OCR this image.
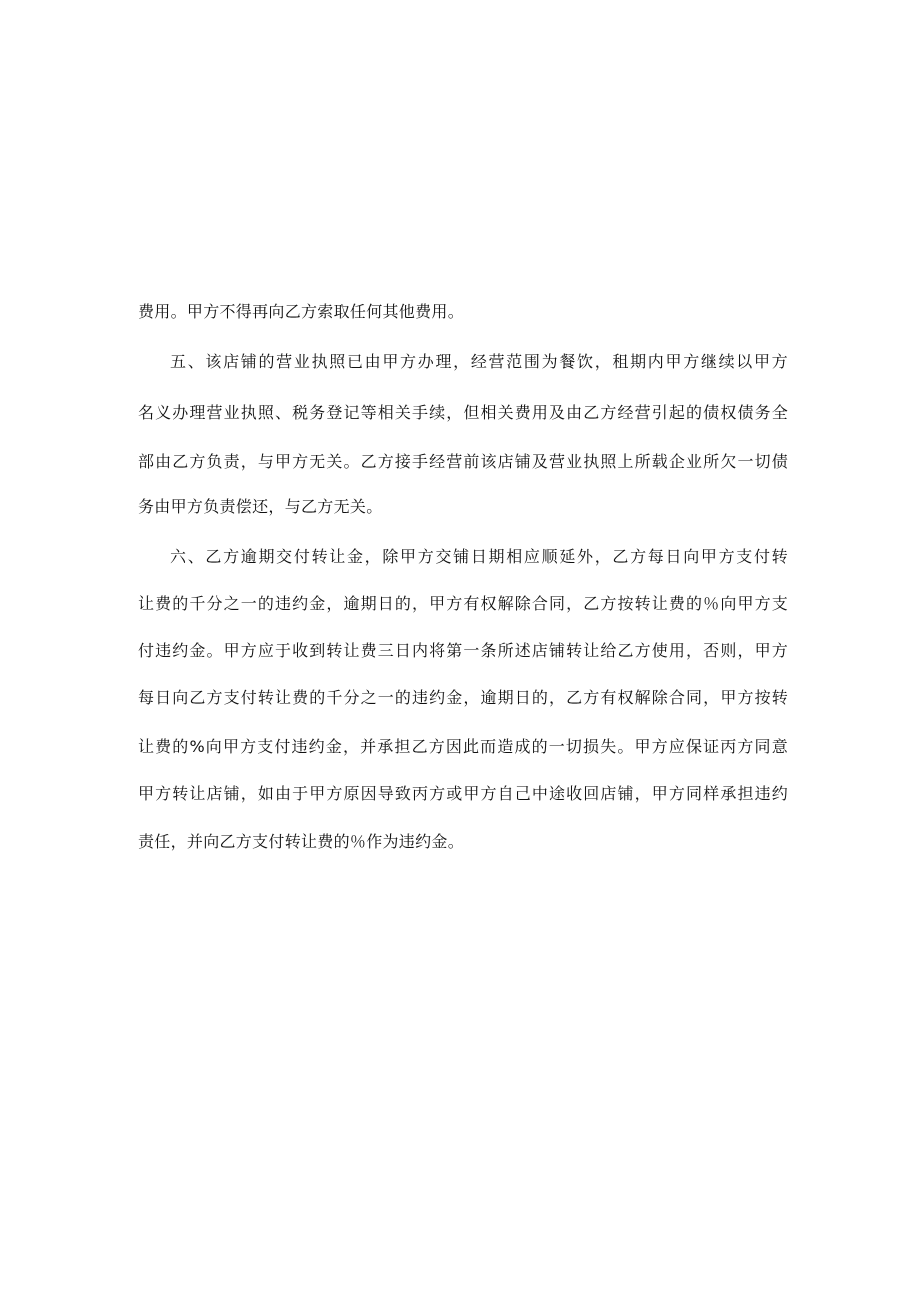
费用。甲方不得再向乙方索取任何其他费用。
五、该店铺的营业执照已由甲方办理，经营范围为餐饮，租期内甲方继续以甲方
名义办理营业执照、税务登记等相关手续，但相关费用及由乙方经营引起的债权债务全
部由乙方负责，与甲方无关。乙方接手经营前该店铺及营业执照上所载企业所欠一切债
务由甲方负责偿还，与乙方无关。
六、乙方逾期交付转让金，除甲方交铺日期相应顺延外，乙方每日向甲方支付转
让费的千分之一的违约金，逾期日的，甲方有权解除合同，乙方按转让费的％向甲方支
付违约金。甲方应于收到转让费三日内将第一条所述店铺转让给乙方使用，否则，甲方
每日向乙方支付转让费的千分之一的违约金，逾期日的，乙方有权解除合同，甲方按转
让费的%向甲方支付违约金，并承担乙方因此而造成的一切损失。甲方应保证丙方同意
甲方转让店铺，如由于甲方原因导致丙方或甲方自己中途收回店铺，甲方同样承担违约
责任，并向乙方支付转让费的％作为违约金。
